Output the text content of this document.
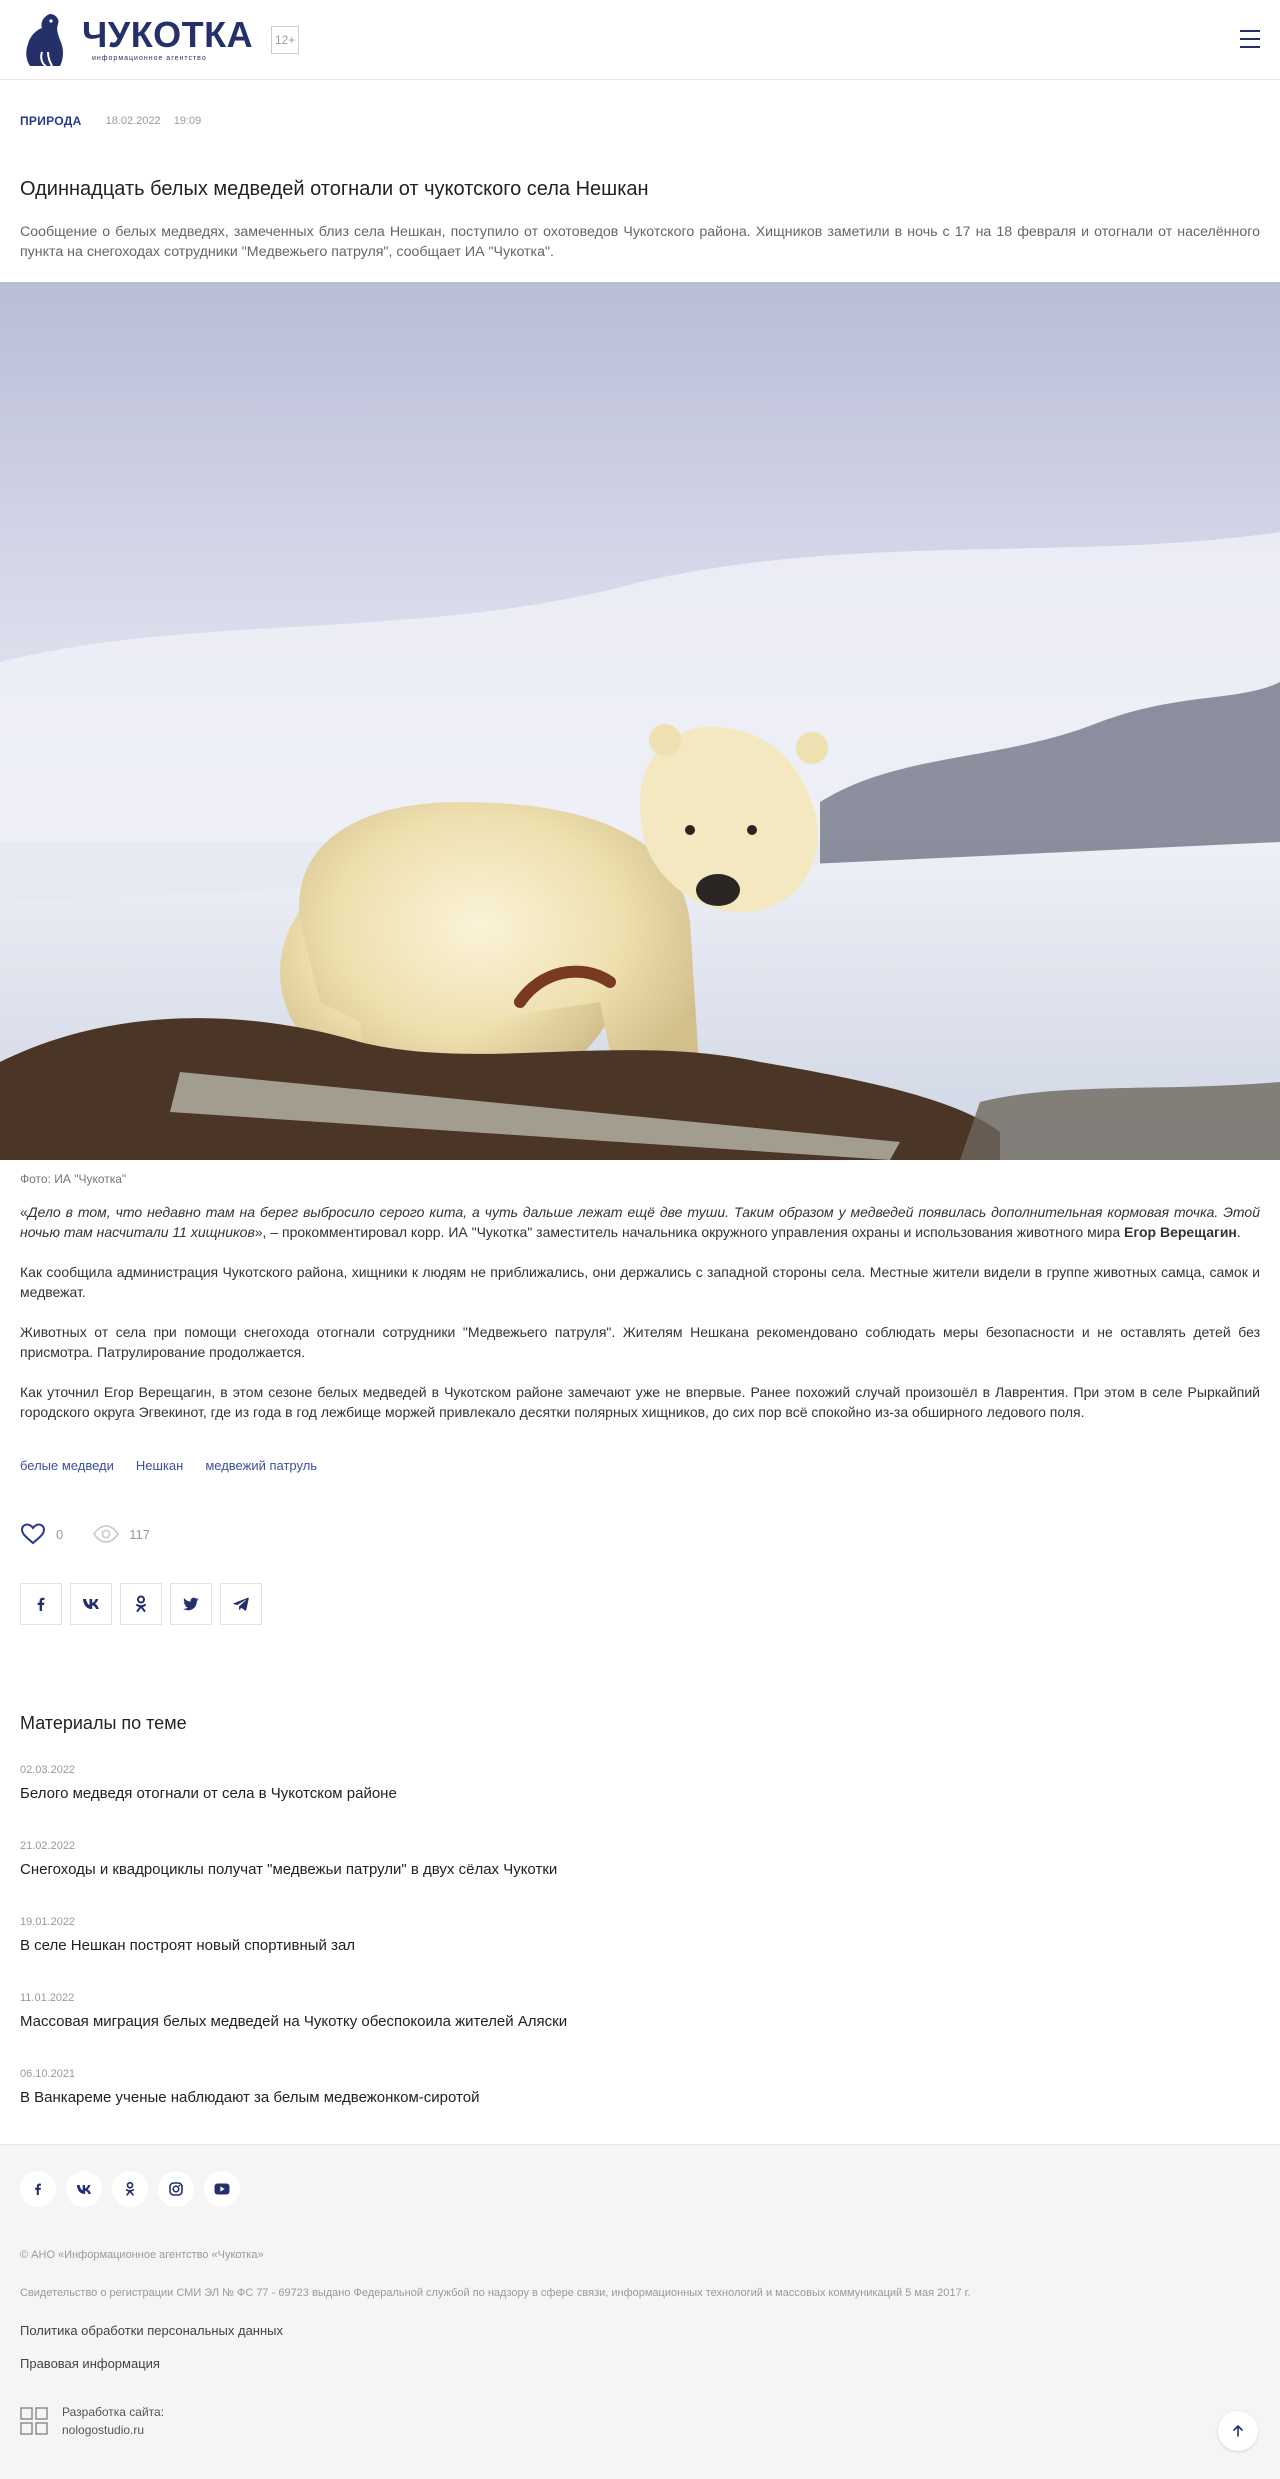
ЧУКОТКА
информационное агентство
12+
ПРИРОДА 18.02.2022 19:09
Одиннадцать белых медведей отогнали от чукотского села Нешкан

Сообщение о белых медведях, замеченных близ села Нешкан, поступило от охотоведов Чукотского района. Хищников заметили в ночь с 17 на 18 февраля и отогнали от населённого пункта на снегоходах сотрудники "Медвежьего патруля", сообщает ИА "Чукотка".

Фото: ИА "Чукотка"

«Дело в том, что недавно там на берег выбросило серого кита, а чуть дальше лежат ещё две туши. Таким образом у медведей появилась дополнительная кормовая точка. Этой ночью там насчитали 11 хищников», – прокомментировал корр. ИА "Чукотка" заместитель начальника окружного управления охраны и использования животного мира Егор Верещагин.

Как сообщила администрация Чукотского района, хищники к людям не приближались, они держались с западной стороны села. Местные жители видели в группе животных самца, самок и медвежат.

Животных от села при помощи снегохода отогнали сотрудники "Медвежьего патруля". Жителям Нешкана рекомендовано соблюдать меры безопасности и не оставлять детей без присмотра. Патрулирование продолжается.

Как уточнил Егор Верещагин, в этом сезоне белых медведей в Чукотском районе замечают уже не впервые. Ранее похожий случай произошёл в Лаврентия. При этом в селе Рыркайпий городского округа Эгвекинот, где из года в год лежбище моржей привлекало десятки полярных хищников, до сих пор всё спокойно из-за обширного ледового поля.

белые медведи Нешкан медвежий патруль
0	117
Материалы по теме
02.03.2022
Белого медведя отогнали от села в Чукотском районе
21.02.2022
Снегоходы и квадроциклы получат "медвежьи патрули" в двух сёлах Чукотки
19.01.2022
В селе Нешкан построят новый спортивный зал
11.01.2022
Массовая миграция белых медведей на Чукотку обеспокоила жителей Аляски
06.10.2021
В Ванкареме ученые наблюдают за белым медвежонком-сиротой
© АНО «Информационное агентство «Чукотка»
Свидетельство о регистрации СМИ ЭЛ № ФС 77 - 69723 выдано Федеральной службой по надзору в сфере связи, информационных технологий и массовых коммуникаций 5 мая 2017 г.
Политика обработки персональных данных
Правовая информация
Разработка сайта:
nologostudio.ru
